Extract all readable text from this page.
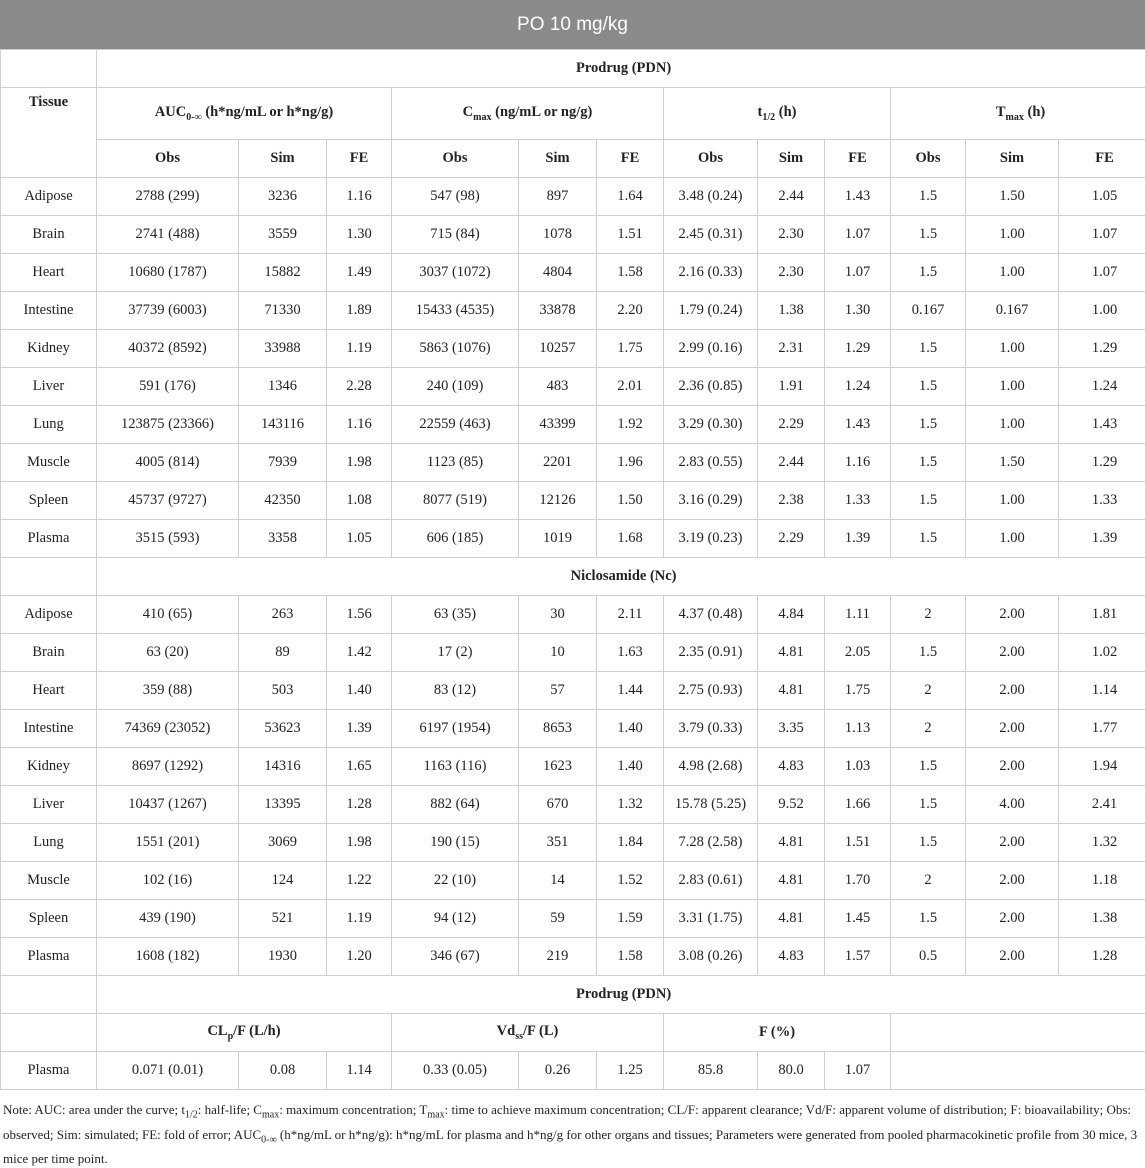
PO 10 mg/kg
	Prodrug (PDN)											
Tissue	$AUC_{0-\infty}$ (h*ng/mL or h*ng/g)			$C_{max}$ (ng/mL or ng/g)			$t_{1/2}$ (h)			$T_{max}$ (h)		
	Obs	Sim	FE	Obs	Sim	FE	Obs	Sim	FE	Obs	Sim	FE
Adipose	2788 (299)	3236	1.16	547 (98)	897	1.64	3.48 (0.24)	2.44	1.43	1.5	1.50	1.05
Brain	2741 (488)	3559	1.30	715 (84)	1078	1.51	2.45 (0.31)	2.30	1.07	1.5	1.00	1.07
Heart	10680 (1787)	15882	1.49	3037 (1072)	4804	1.58	2.16 (0.33)	2.30	1.07	1.5	1.00	1.07
Intestine	37739 (6003)	71330	1.89	15433 (4535)	33878	2.20	1.79 (0.24)	1.38	1.30	0.167	0.167	1.00
Kidney	40372 (8592)	33988	1.19	5863 (1076)	10257	1.75	2.99 (0.16)	2.31	1.29	1.5	1.00	1.29
Liver	591 (176)	1346	2.28	240 (109)	483	2.01	2.36 (0.85)	1.91	1.24	1.5	1.00	1.24
Lung	123875 (23366)	143116	1.16	22559 (463)	43399	1.92	3.29 (0.30)	2.29	1.43	1.5	1.00	1.43
Muscle	4005 (814)	7939	1.98	1123 (85)	2201	1.96	2.83 (0.55)	2.44	1.16	1.5	1.50	1.29
Spleen	45737 (9727)	42350	1.08	8077 (519)	12126	1.50	3.16 (0.29)	2.38	1.33	1.5	1.00	1.33
Plasma	3515 (593)	3358	1.05	606 (185)	1019	1.68	3.19 (0.23)	2.29	1.39	1.5	1.00	1.39
	Niclosamide (Nc)											
Adipose	410 (65)	263	1.56	63 (35)	30	2.11	4.37 (0.48)	4.84	1.11	2	2.00	1.81
Brain	63 (20)	89	1.42	17 (2)	10	1.63	2.35 (0.91)	4.81	2.05	1.5	2.00	1.02
Heart	359 (88)	503	1.40	83 (12)	57	1.44	2.75 (0.93)	4.81	1.75	2	2.00	1.14
Intestine	74369 (23052)	53623	1.39	6197 (1954)	8653	1.40	3.79 (0.33)	3.35	1.13	2	2.00	1.77
Kidney	8697 (1292)	14316	1.65	1163 (116)	1623	1.40	4.98 (2.68)	4.83	1.03	1.5	2.00	1.94
Liver	10437 (1267)	13395	1.28	882 (64)	670	1.32	15.78 (5.25)	9.52	1.66	1.5	4.00	2.41
Lung	1551 (201)	3069	1.98	190 (15)	351	1.84	7.28 (2.58)	4.81	1.51	1.5	2.00	1.32
Muscle	102 (16)	124	1.22	22 (10)	14	1.52	2.83 (0.61)	4.81	1.70	2	2.00	1.18
Spleen	439 (190)	521	1.19	94 (12)	59	1.59	3.31 (1.75)	4.81	1.45	1.5	2.00	1.38
Plasma	1608 (182)	1930	1.20	346 (67)	219	1.58	3.08 (0.26)	4.83	1.57	0.5	2.00	1.28
	Prodrug (PDN)											
	$CL_p/F$ (L/h)			$Vd_{ss}/F$ (L)			F (%)					
Plasma	0.071 (0.01)	0.08	1.14	0.33 (0.05)	0.26	1.25	85.8	80.0	1.07			
Note: AUC: area under the curve; $t_{1/2}$: half-life; $C_{max}$: maximum concentration; $T_{max}$: time to achieve maximum concentration; CL/F: apparent clearance; Vd/F: apparent volume of distribution; F: bioavailability; Obs: observed; Sim: simulated; FE: fold of error; $AUC_{0-\infty}$ (h*ng/mL or h*ng/g): h*ng/mL for plasma and h*ng/g for other organs and tissues; Parameters were generated from pooled pharmacokinetic profile from 30 mice, 3 mice per time point.
